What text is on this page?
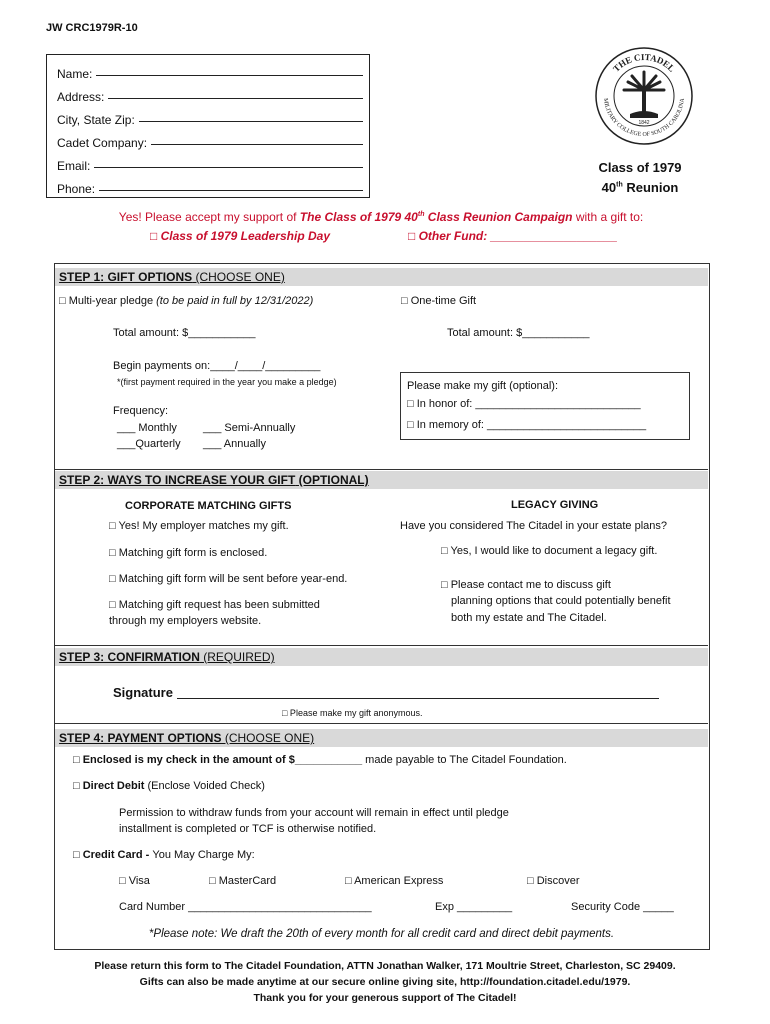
JW CRC1979R-10
Name:
Address:
City, State Zip:
Cadet Company:
Email:
Phone:
THE CITADEL
MILITARY COLLEGE OF SOUTH CAROLINA
1842
Class of 1979
40th Reunion
Yes! Please accept my support of The Class of 1979 40th Class Reunion Campaign with a gift to:
□ Class of 1979 Leadership Day	□ Other Fund: ___________________
STEP 1: GIFT OPTIONS (CHOOSE ONE)
□ Multi-year pledge (to be paid in full by 12/31/2022)	□ One-time Gift
Total amount: $___________	Total amount: $___________
Begin payments on:____/____/_________
*(first payment required in the year you make a pledge)
Frequency:
___ Monthly ___ Semi-Annually
___Quarterly ___ Annually
Please make my gift (optional):
□ In honor of: ___________________________
□ In memory of: __________________________
STEP 2: WAYS TO INCREASE YOUR GIFT (OPTIONAL)
CORPORATE MATCHING GIFTS
□ Yes! My employer matches my gift.
□ Matching gift form is enclosed.
□ Matching gift form will be sent before year-end.
□ Matching gift request has been submitted
through my employers website.
LEGACY GIVING
Have you considered The Citadel in your estate plans?
□ Yes, I would like to document a legacy gift.
□ Please contact me to discuss gift
planning options that could potentially benefit
both my estate and The Citadel.
STEP 3: CONFIRMATION (REQUIRED)
Signature
□ Please make my gift anonymous.
STEP 4: PAYMENT OPTIONS (CHOOSE ONE)
□ Enclosed is my check in the amount of $___________ made payable to The Citadel Foundation.
□ Direct Debit (Enclose Voided Check)
Permission to withdraw funds from your account will remain in effect until pledge
installment is completed or TCF is otherwise notified.
□ Credit Card - You May Charge My:
□ Visa	□ MasterCard	□ American Express	□ Discover
Card Number ______________________________	Exp _________	Security Code _____
*Please note: We draft the 20th of every month for all credit card and direct debit payments.
Please return this form to The Citadel Foundation, ATTN Jonathan Walker, 171 Moultrie Street, Charleston, SC 29409.
Gifts can also be made anytime at our secure online giving site, http://foundation.citadel.edu/1979.
Thank you for your generous support of The Citadel!
